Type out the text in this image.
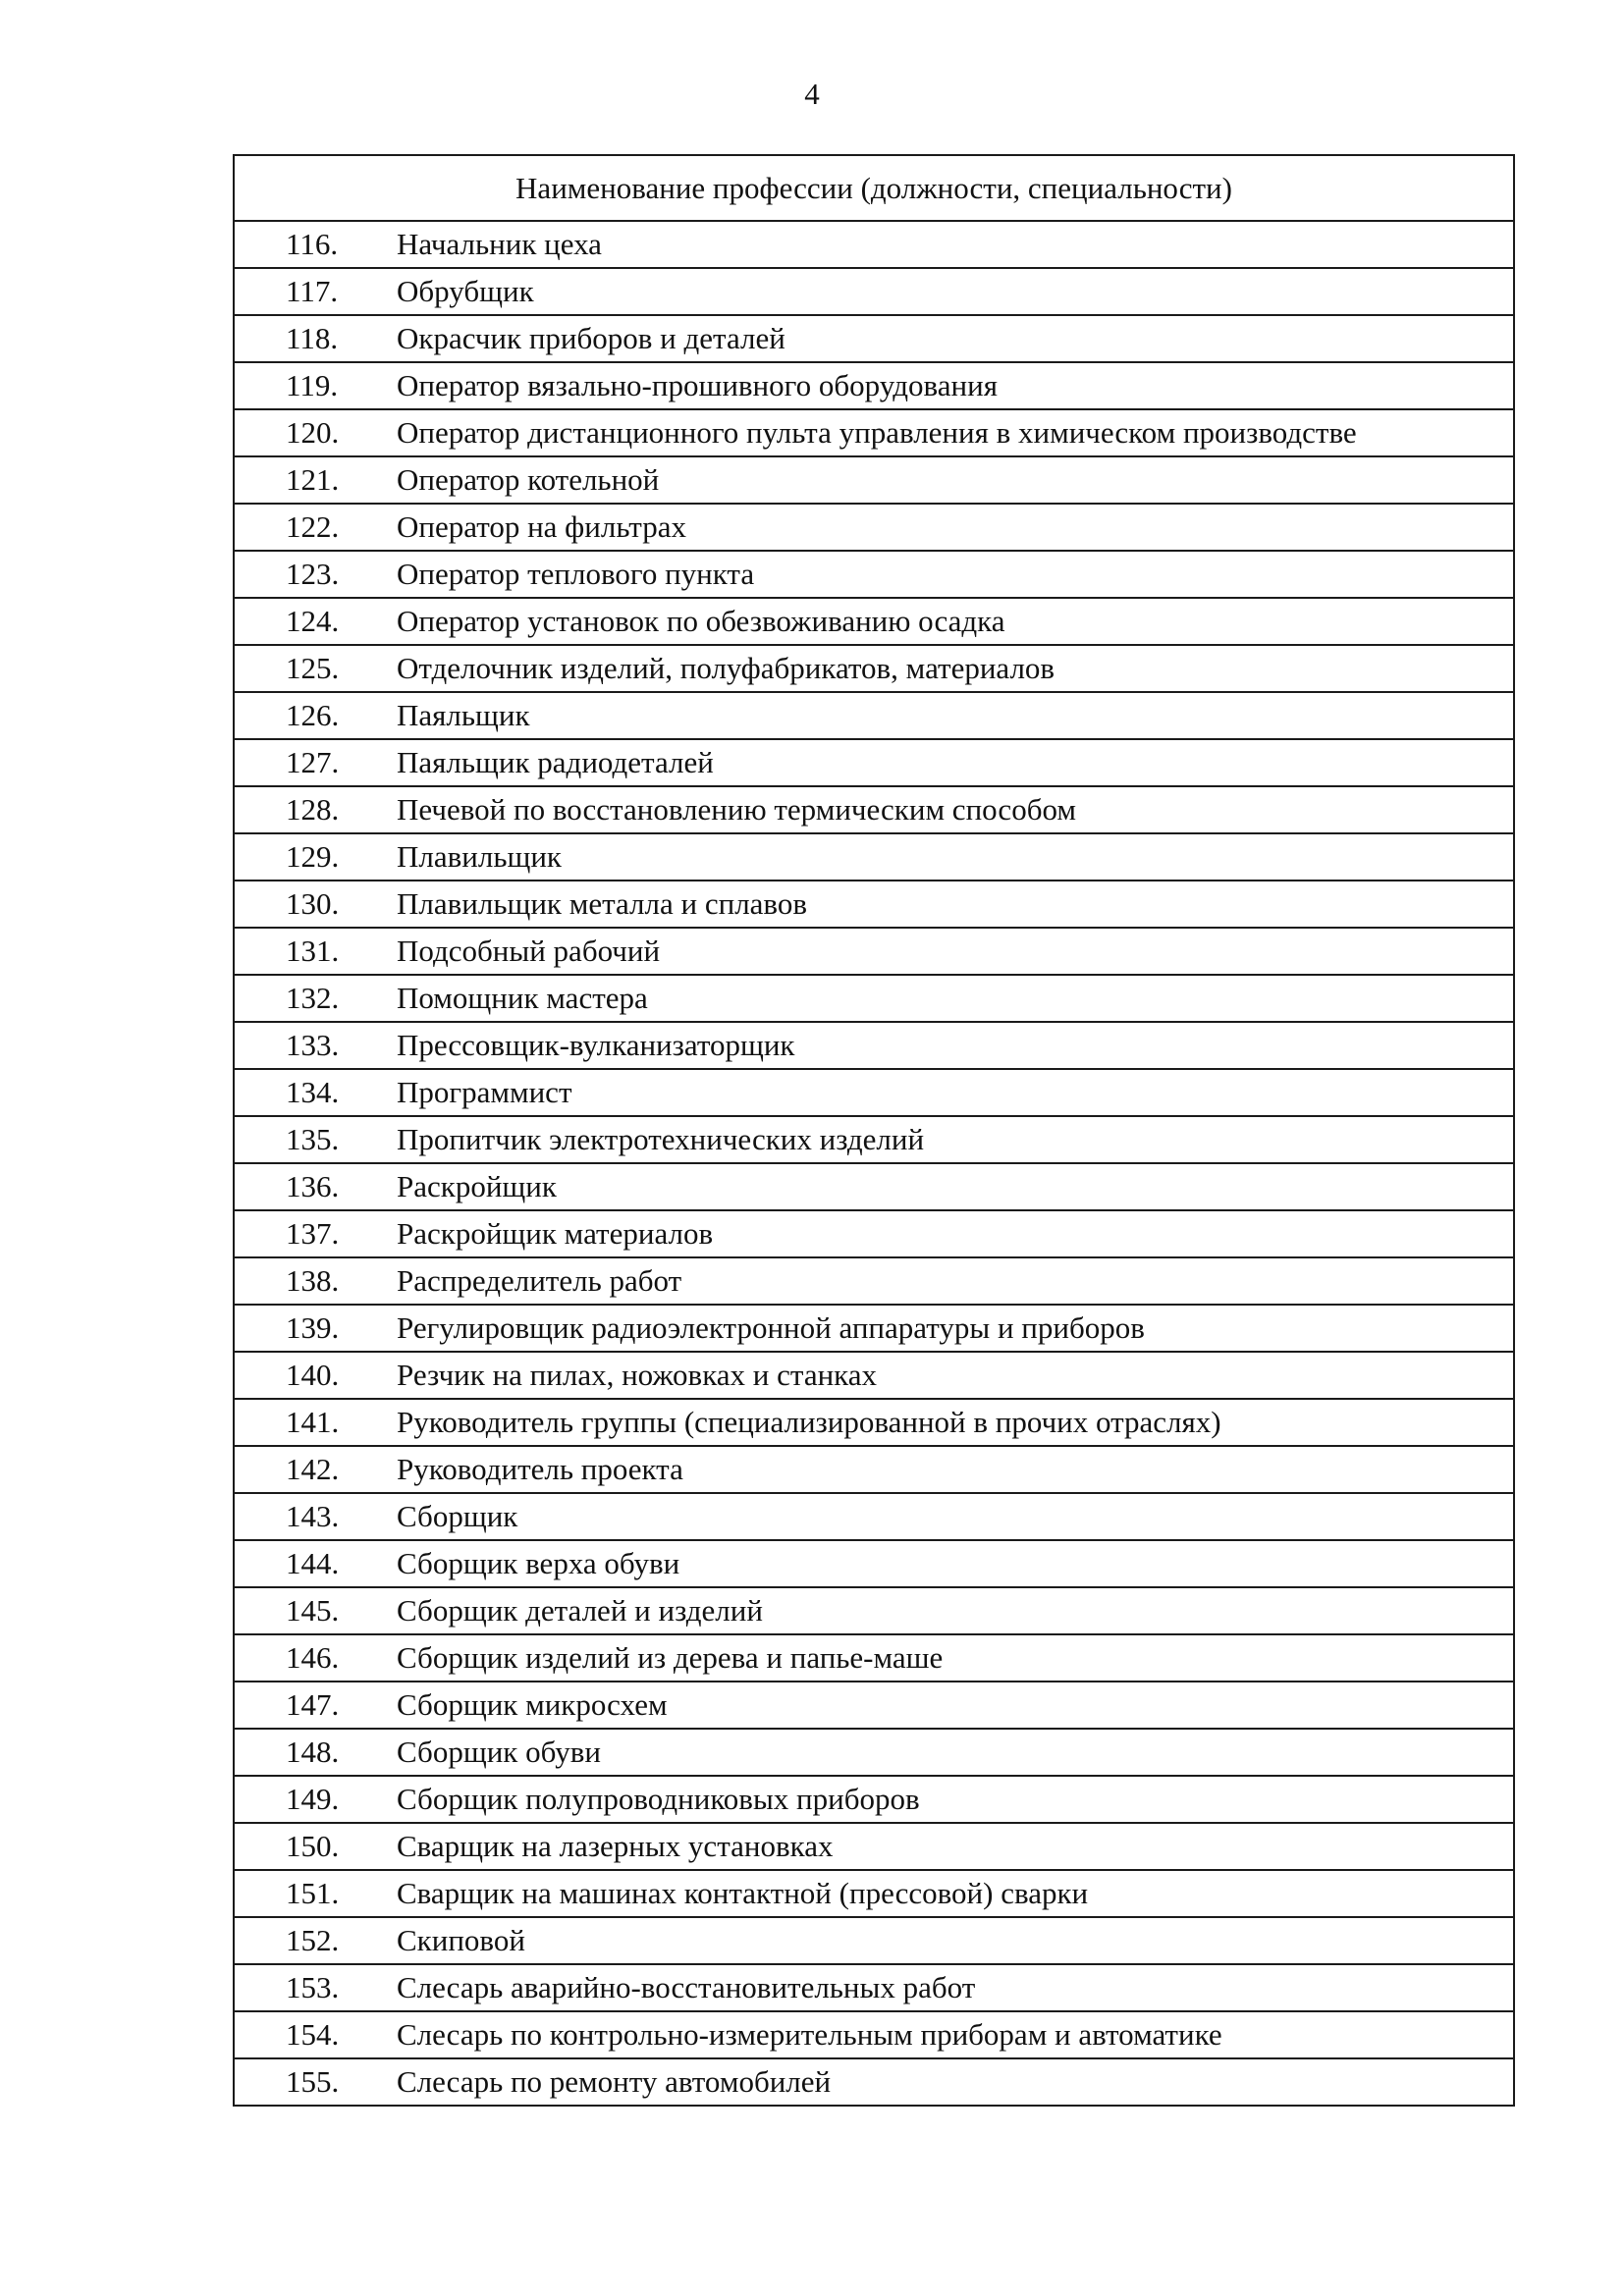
4
Наименование профессии (должности, специальности)
116. Начальник цеха
117. Обрубщик
118. Окрасчик приборов и деталей
119. Оператор вязально-прошивного оборудования
120. Оператор дистанционного пульта управления в химическом производстве
121. Оператор котельной
122. Оператор на фильтрах
123. Оператор теплового пункта
124. Оператор установок по обезвоживанию осадка
125. Отделочник изделий, полуфабрикатов, материалов
126. Паяльщик
127. Паяльщик радиодеталей
128. Печевой по восстановлению термическим способом
129. Плавильщик
130. Плавильщик металла и сплавов
131. Подсобный рабочий
132. Помощник мастера
133. Прессовщик-вулканизаторщик
134. Программист
135. Пропитчик электротехнических изделий
136. Раскройщик
137. Раскройщик материалов
138. Распределитель работ
139. Регулировщик радиоэлектронной аппаратуры и приборов
140. Резчик на пилах, ножовках и станках
141. Руководитель группы (специализированной в прочих отраслях)
142. Руководитель проекта
143. Сборщик
144. Сборщик верха обуви
145. Сборщик деталей и изделий
146. Сборщик изделий из дерева и папье-маше
147. Сборщик микросхем
148. Сборщик обуви
149. Сборщик полупроводниковых приборов
150. Сварщик на лазерных установках
151. Сварщик на машинах контактной (прессовой) сварки
152. Скиповой
153. Слесарь аварийно-восстановительных работ
154. Слесарь по контрольно-измерительным приборам и автоматике
155. Слесарь по ремонту автомобилей
